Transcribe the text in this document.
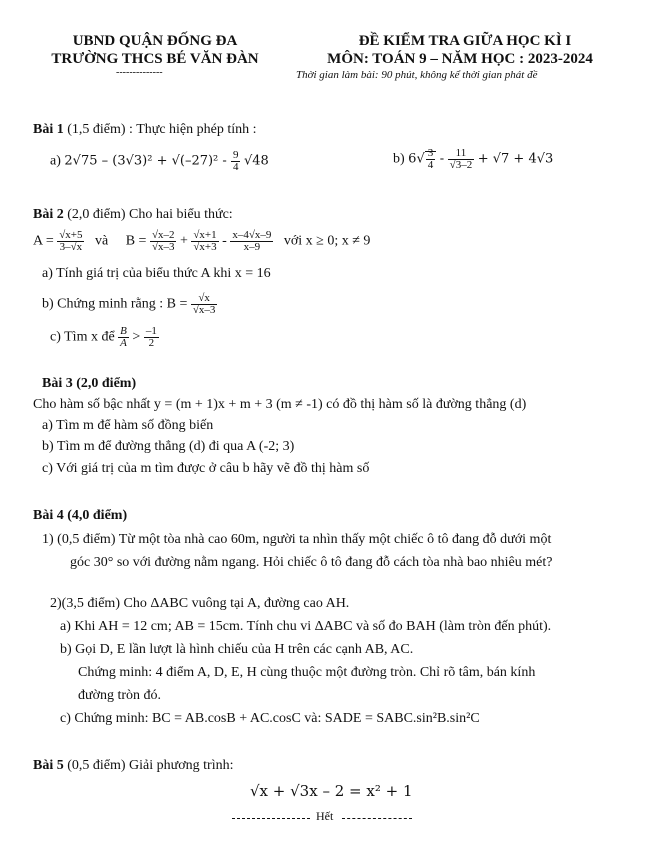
UBND QUẬN ĐỐNG ĐA
TRƯỜNG THCS BÉ VĂN ĐÀN
--------------
ĐỀ KIỂM TRA GIỮA HỌC KÌ I
MÔN: TOÁN 9 – NĂM HỌC : 2023-2024
Thời gian làm bài: 90 phút, không kể thời gian phát đề
Bài 1 (1,5 điểm) : Thực hiện phép tính :
a) $2√75 - (3√3)^2 + √(-27)^2 - \frac{9}{4} √48$	b) $6√ \frac{3}{4} - \frac{11}{√3-2} + √7 + 4√3$
Bài 2 (2,0 điểm) Cho hai biểu thức:
$A = \frac{√x+5}{3-√x}$ và $B = \frac{√x-2}{√x-3} + \frac{√x+1}{√x+3} - \frac{x-4√x-9}{x-9}$ với x ≥ 0; x ≠ 9
a) Tính giá trị của biểu thức A khi x = 16
b) Chứng minh rằng : $B = \frac{√x}{√x-3}$
c) Tìm x để $\frac{B}{A} > \frac{-1}{2}$
Bài 3 (2,0 điểm)
Cho hàm số bậc nhất y = (m + 1)x + m + 3 (m ≠ -1) có đồ thị hàm số là đường thẳng (d)
a) Tìm m để hàm số đồng biến
b) Tìm m để đường thẳng (d) đi qua A (-2; 3)
c) Với giá trị của m tìm được ở câu b hãy vẽ đồ thị hàm số
Bài 4 (4,0 điểm)
1) (0,5 điểm) Từ một tòa nhà cao 60m, người ta nhìn thấy một chiếc ô tô đang đỗ dưới một
góc 30° so với đường nằm ngang. Hỏi chiếc ô tô đang đỗ cách tòa nhà bao nhiêu mét?
2)(3,5 điểm) Cho ΔABC vuông tại A, đường cao AH.
a) Khi AH = 12 cm; AB = 15cm. Tính chu vi ΔABC và số đo BAH (làm tròn đến phút).
b) Gọi D, E lần lượt là hình chiếu của H trên các cạnh AB, AC.
Chứng minh: 4 điểm A, D, E, H cùng thuộc một đường tròn. Chỉ rõ tâm, bán kính
đường tròn đó.
c) Chứng minh: BC = AB.cosB + AC.cosC và: SADE = SABC.sin²B.sin²C
Bài 5 (0,5 điểm) Giải phương trình:
√x + √3x – 2 = x² + 1
Hết
